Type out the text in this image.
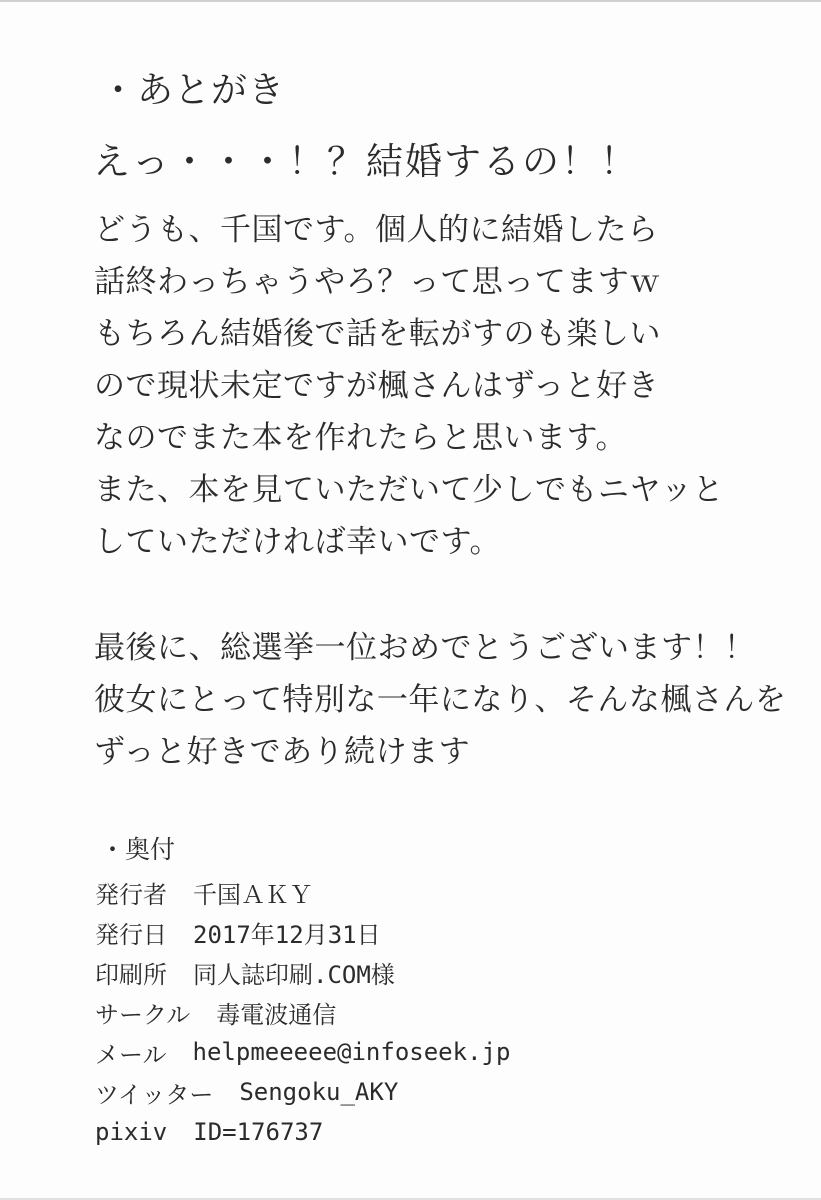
・あとがき
えっ・・・！？結婚するの！！
どうも、千国です。個人的に結婚したら
話終わっちゃうやろ？って思ってますｗ
もちろん結婚後で話を転がすのも楽しい
ので現状未定ですが楓さんはずっと好き
なのでまた本を作れたらと思います。
また、本を見ていただいて少しでもニヤッと
していただければ幸いです。
最後に、総選挙一位おめでとうございます！！
彼女にとって特別な一年になり、そんな楓さんを
ずっと好きであり続けます
・奥付
発行者 千国ＡＫＹ
発行日 2017年12月31日
印刷所 同人誌印刷.COM様
サークル 毒電波通信
メール helpmeeeee@infoseek.jp
ツイッター Sengoku_AKY
pixiv ID=176737
